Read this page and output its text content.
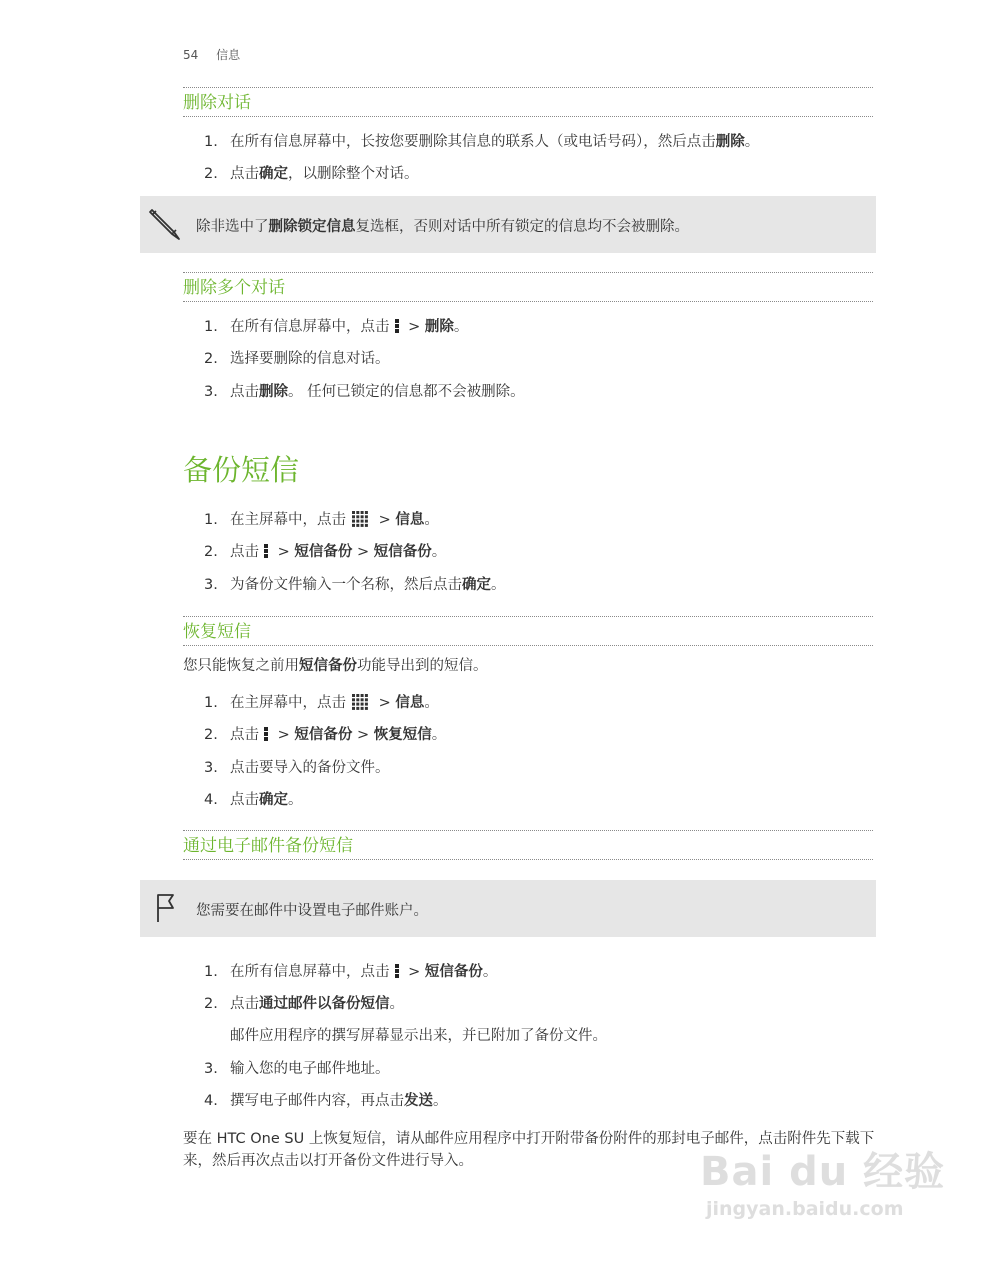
54 信息
删除对话
1. 在所有信息屏幕中，长按您要删除其信息的联系人（或电话号码），然后点击删除。
2. 点击确定，以删除整个对话。
除非选中了删除锁定信息复选框，否则对话中所有锁定的信息均不会被删除。
删除多个对话
1. 在所有信息屏幕中，点击 > 删除。
2. 选择要删除的信息对话。
3. 点击删除。 任何已锁定的信息都不会被删除。
备份短信
1. 在主屏幕中，点击 > 信息。
2. 点击 > 短信备份 > 短信备份。
3. 为备份文件输入一个名称，然后点击确定。
恢复短信
您只能恢复之前用短信备份功能导出到的短信。
1. 在主屏幕中，点击 > 信息。
2. 点击 > 短信备份 > 恢复短信。
3. 点击要导入的备份文件。
4. 点击确定。
通过电子邮件备份短信
您需要在邮件中设置电子邮件账户。
1. 在所有信息屏幕中，点击 > 短信备份。
2. 点击通过邮件以备份短信。
邮件应用程序的撰写屏幕显示出来，并已附加了备份文件。
3. 输入您的电子邮件地址。
4. 撰写电子邮件内容，再点击发送。
要在 HTC One SU 上恢复短信，请从邮件应用程序中打开附带备份附件的那封电子邮件，点击附件先下载下来，然后再次点击以打开备份文件进行导入。	Bai du 经验
jingyan.baidu.com
